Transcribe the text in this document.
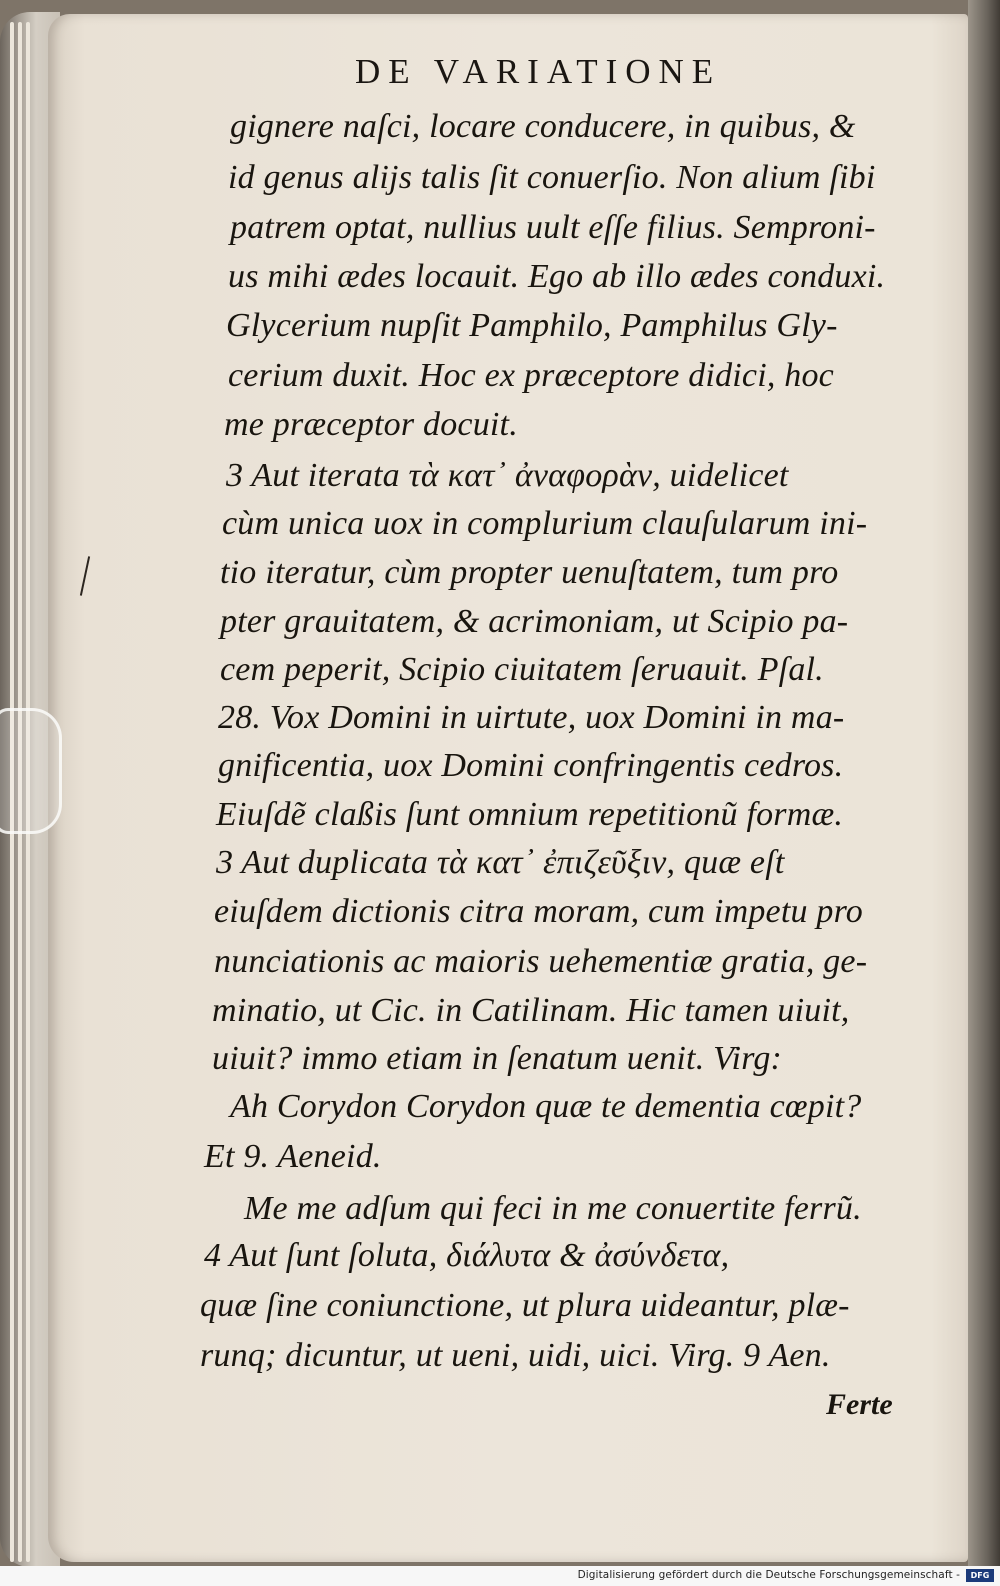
DE VARIATIONE

gignere naſci, locare conducere, in quibus, &

id genus alijs talis ſit conuerſio. Non alium ſibi

patrem optat, nullius uult eſſe filius. Semproni-

us mihi ædes locauit. Ego ab illo ædes conduxi.

Glycerium nupſit Pamphilo, Pamphilus Gly-

cerium duxit. Hoc ex præceptore didici, hoc

me præceptor docuit.

3 Aut iterata τὰ κατ᾽ ἀναφορὰν, uidelicet

cùm unica uox in complurium clauſularum ini-

tio iteratur, cùm propter uenuſtatem, tum pro

pter grauitatem, & acrimoniam, ut Scipio pa-

cem peperit, Scipio ciuitatem ſeruauit. Pſal.

28. Vox Domini in uirtute, uox Domini in ma-

gnificentia, uox Domini confringentis cedros.

Eiuſdẽ claßis ſunt omnium repetitionũ formæ.

3 Aut duplicata τὰ κατ᾽ ἐπιζεῦξιν, quæ eſt

eiuſdem dictionis citra moram, cum impetu pro

nunciationis ac maioris uehementiæ gratia, ge-

minatio, ut Cic. in Catilinam. Hic tamen uiuit,

uiuit? immo etiam in ſenatum uenit. Virg:

Ah Corydon Corydon quæ te dementia cœpit?

Et 9. Aeneid.

Me me adſum qui feci in me conuertite ferrũ.

4 Aut ſunt ſoluta, διάλυτα & ἀσύνδετα,

quæ ſine coniunctione, ut plura uideantur, plæ-

runq; dicuntur, ut ueni, uidi, uici. Virg. 9 Aen.

Ferte

Digitalisierung gefördert durch die Deutsche Forschungsgemeinschaft -	DFG
